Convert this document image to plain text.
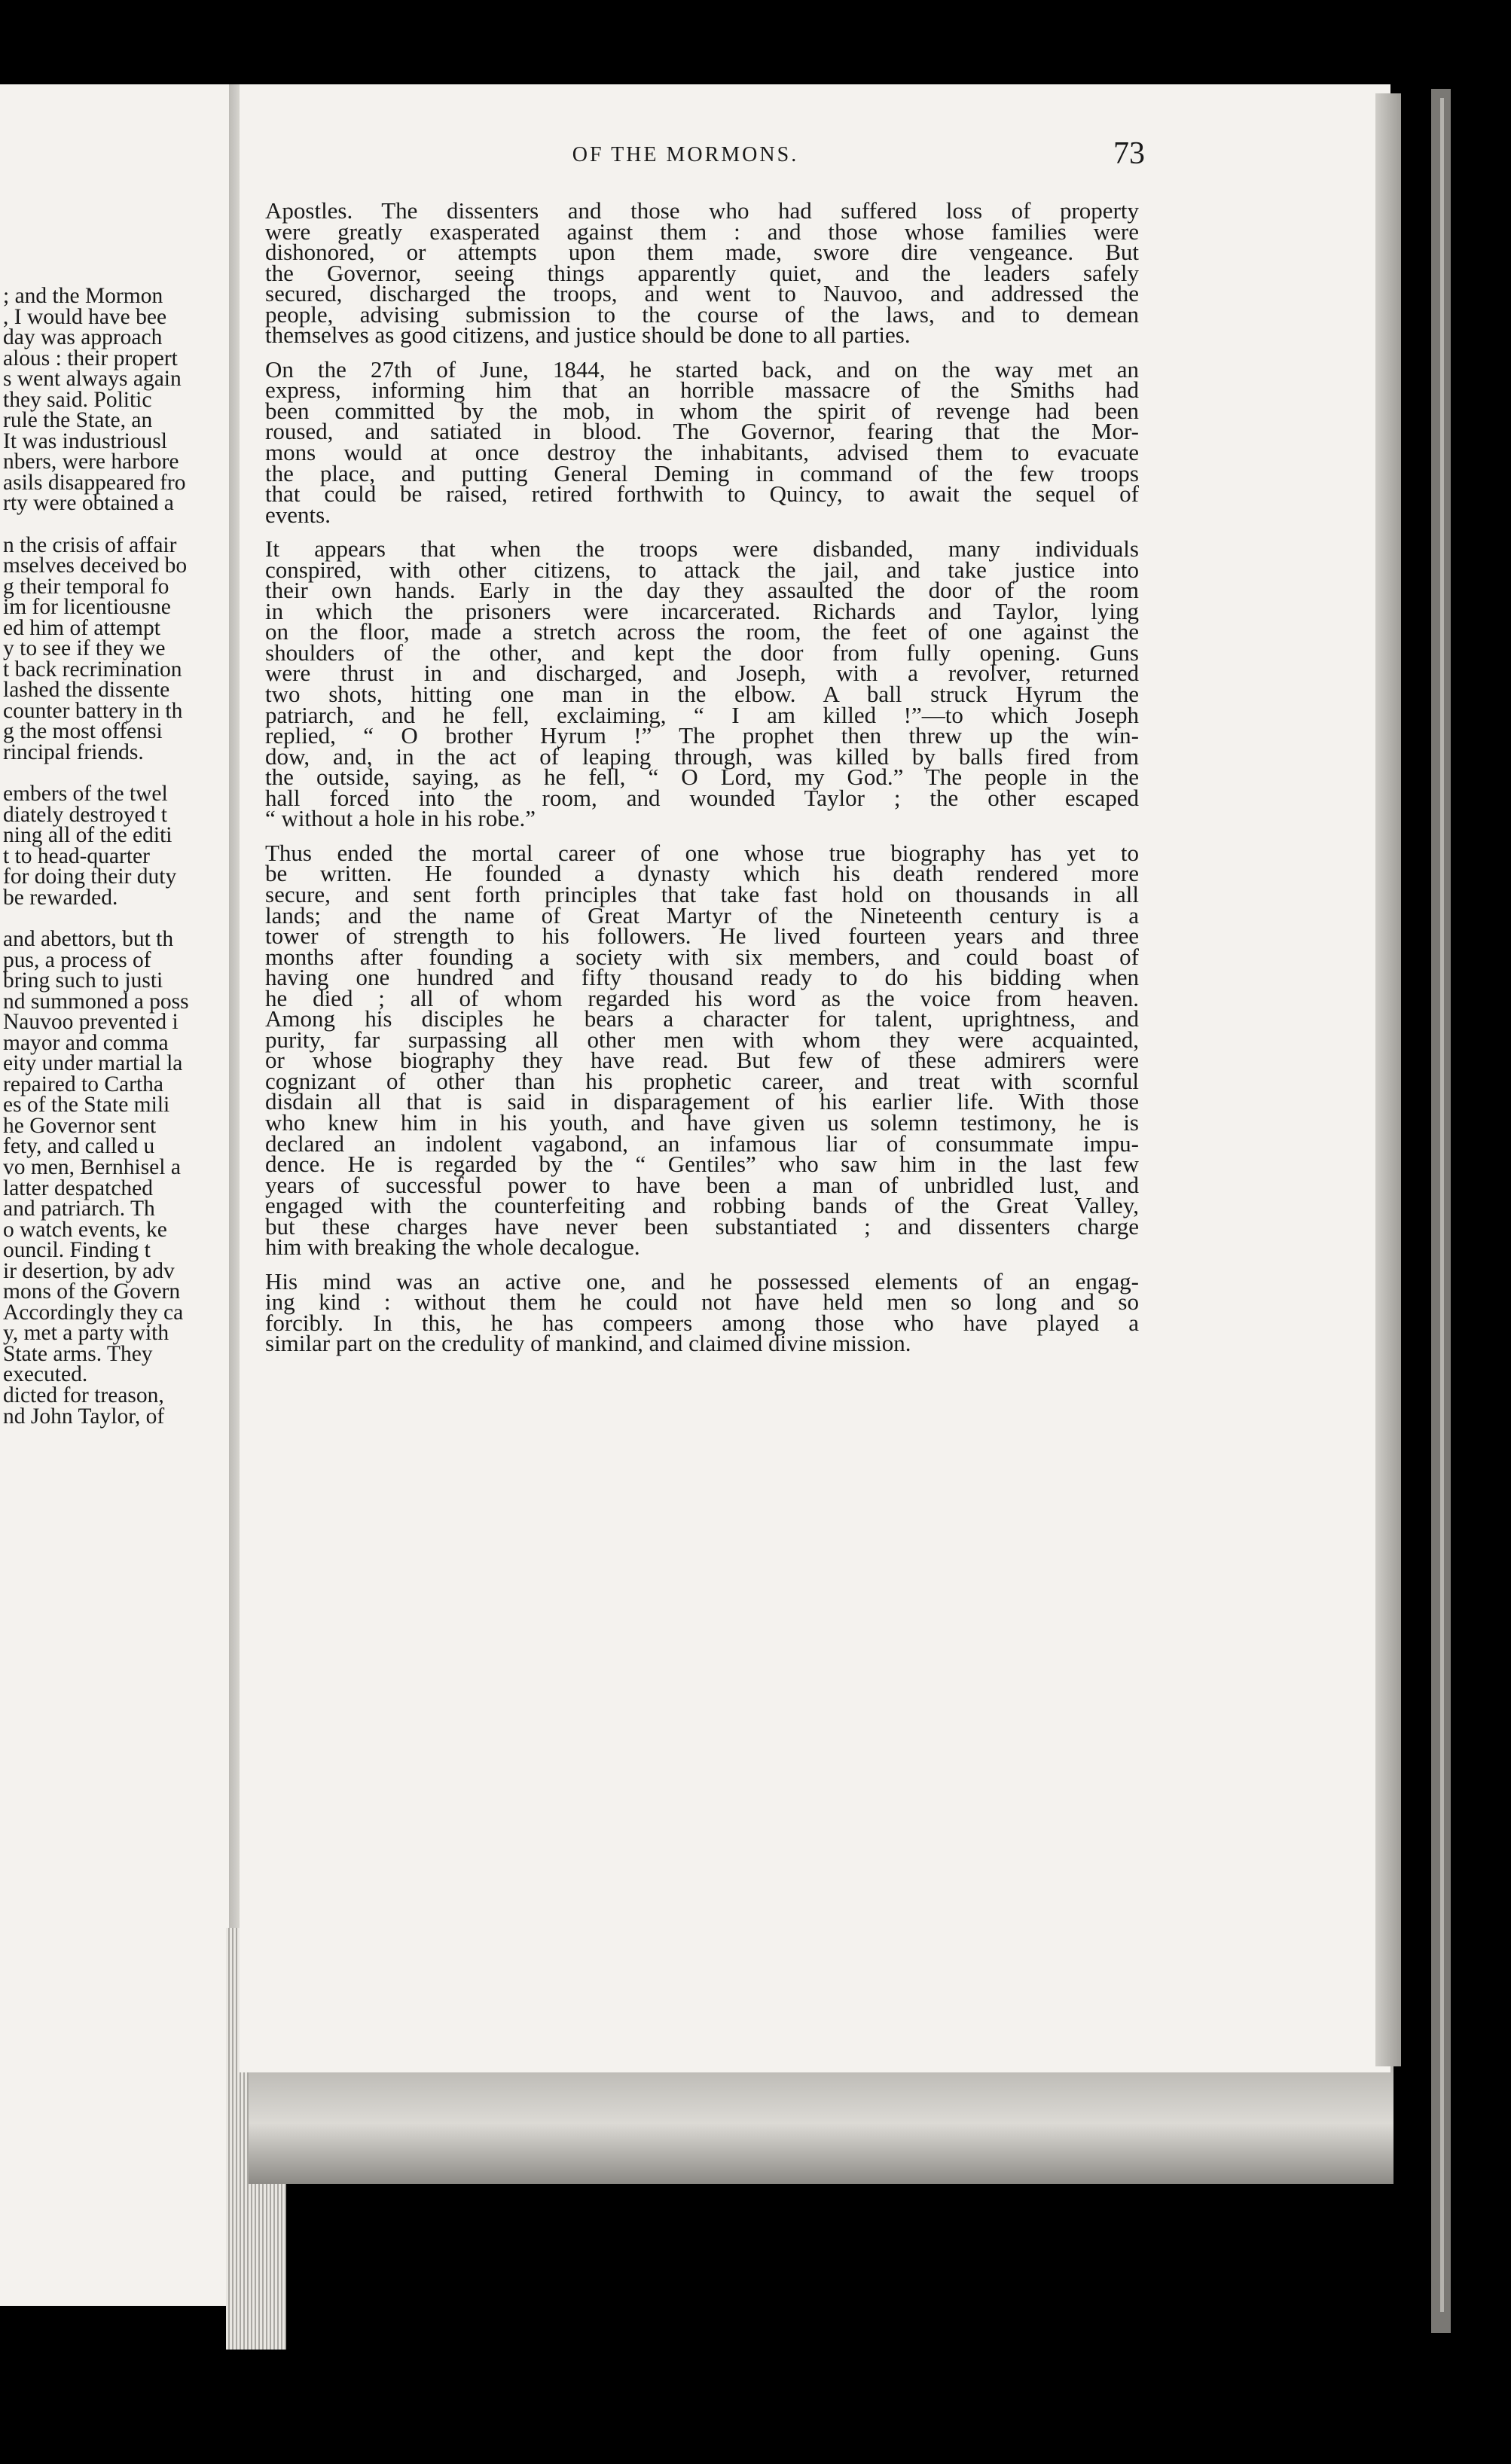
; and the Mormon
, I would have bee
day was approach
alous : their propert
s went always again
they said. Politic
rule the State, an
It was industriousl
nbers, were harbore
asils disappeared fro
rty were obtained a

n the crisis of affair
mselves deceived bo
g their temporal fo
im for licentiousne
ed him of attempt
y to see if they we
t back recrimination
lashed the dissente
counter battery in th
g the most offensi
rincipal friends.

embers of the twel
diately destroyed t
ning all of the editi
t to head-quarter
for doing their duty
be rewarded.

and abettors, but th
pus, a process of
bring such to justi
nd summoned a poss
Nauvoo prevented i
mayor and comma
eity under martial la
repaired to Cartha
es of the State mili
he Governor sent
fety, and called u
vo men, Bernhisel a
latter despatched
and patriarch. Th
o watch events, ke
ouncil. Finding t
ir desertion, by adv
mons of the Govern
Accordingly they ca
y, met a party with
State arms. They
executed.
dicted for treason,
nd John Taylor, of
OF THE MORMONS.	73
Apostles. The dissenters and those who had suffered loss of property
were greatly exasperated against them : and those whose families were
dishonored, or attempts upon them made, swore dire vengeance. But
the Governor, seeing things apparently quiet, and the leaders safely
secured, discharged the troops, and went to Nauvoo, and addressed the
people, advising submission to the course of the laws, and to demean
themselves as good citizens, and justice should be done to all parties.
On the 27th of June, 1844, he started back, and on the way met an
express, informing him that an horrible massacre of the Smiths had
been committed by the mob, in whom the spirit of revenge had been
roused, and satiated in blood. The Governor, fearing that the Mor-
mons would at once destroy the inhabitants, advised them to evacuate
the place, and putting General Deming in command of the few troops
that could be raised, retired forthwith to Quincy, to await the sequel of
events.
It appears that when the troops were disbanded, many individuals
conspired, with other citizens, to attack the jail, and take justice into
their own hands. Early in the day they assaulted the door of the room
in which the prisoners were incarcerated. Richards and Taylor, lying
on the floor, made a stretch across the room, the feet of one against the
shoulders of the other, and kept the door from fully opening. Guns
were thrust in and discharged, and Joseph, with a revolver, returned
two shots, hitting one man in the elbow. A ball struck Hyrum the
patriarch, and he fell, exclaiming, “ I am killed !”—to which Joseph
replied, “ O brother Hyrum !” The prophet then threw up the win-
dow, and, in the act of leaping through, was killed by balls fired from
the outside, saying, as he fell, “ O Lord, my God.” The people in the
hall forced into the room, and wounded Taylor ; the other escaped
“ without a hole in his robe.”
Thus ended the mortal career of one whose true biography has yet to
be written. He founded a dynasty which his death rendered more
secure, and sent forth principles that take fast hold on thousands in all
lands; and the name of Great Martyr of the Nineteenth century is a
tower of strength to his followers. He lived fourteen years and three
months after founding a society with six members, and could boast of
having one hundred and fifty thousand ready to do his bidding when
he died ; all of whom regarded his word as the voice from heaven.
Among his disciples he bears a character for talent, uprightness, and
purity, far surpassing all other men with whom they were acquainted,
or whose biography they have read. But few of these admirers were
cognizant of other than his prophetic career, and treat with scornful
disdain all that is said in disparagement of his earlier life. With those
who knew him in his youth, and have given us solemn testimony, he is
declared an indolent vagabond, an infamous liar of consummate impu-
dence. He is regarded by the “ Gentiles” who saw him in the last few
years of successful power to have been a man of unbridled lust, and
engaged with the counterfeiting and robbing bands of the Great Valley,
but these charges have never been substantiated ; and dissenters charge
him with breaking the whole decalogue.
His mind was an active one, and he possessed elements of an engag-
ing kind : without them he could not have held men so long and so
forcibly. In this, he has compeers among those who have played a
similar part on the credulity of mankind, and claimed divine mission.
